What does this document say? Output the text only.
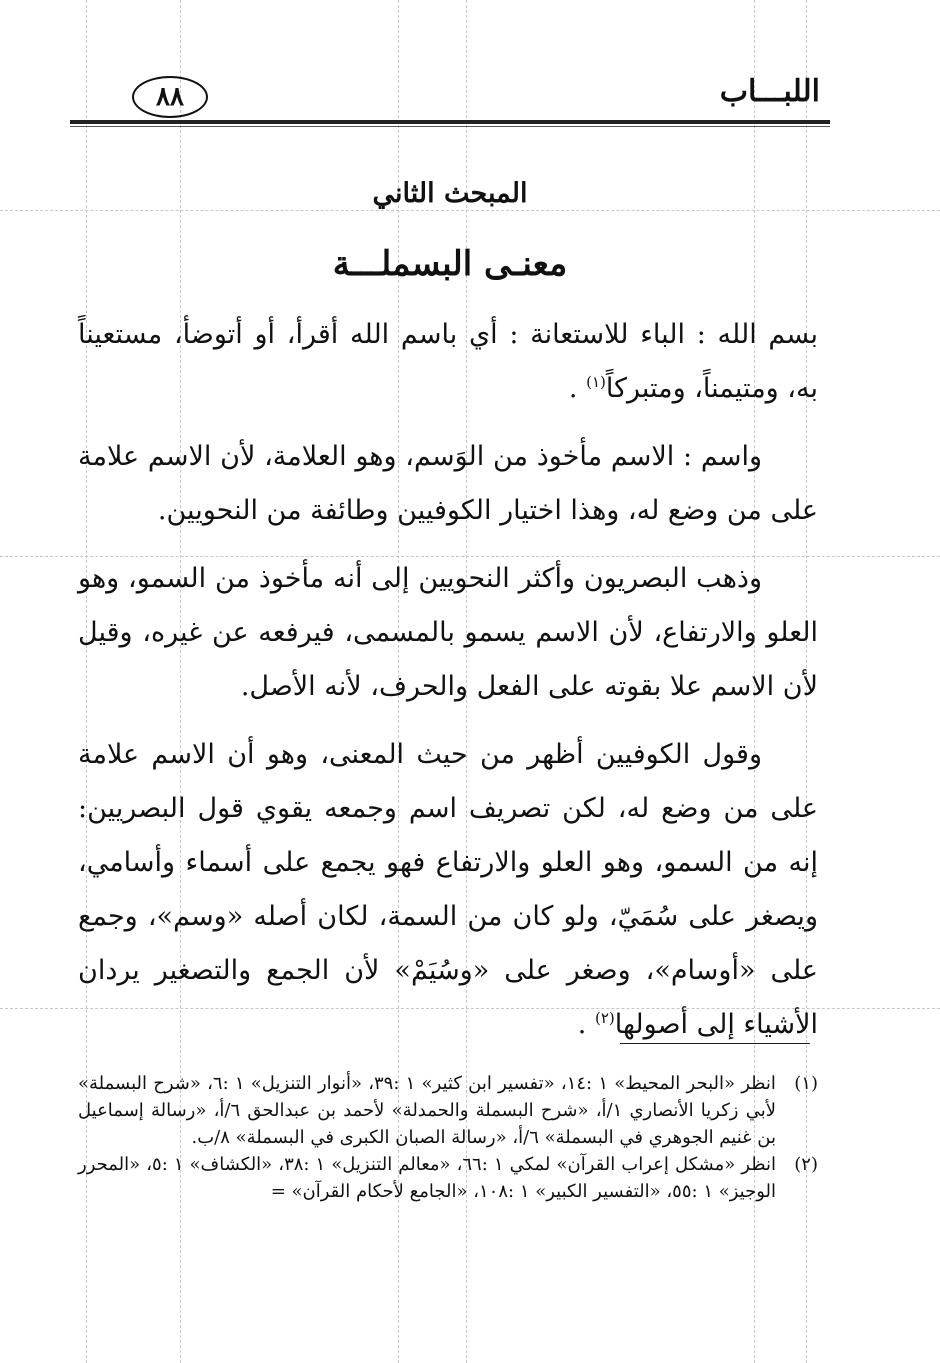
٨٨	اللبـــاب
المبحث الثاني
معنـى البسملـــة

بسم الله : الباء للاستعانة : أي باسم الله أقرأ، أو أتوضأ، مستعيناً به، ومتيمناً، ومتبركاً$^{(١)}$ .

واسم : الاسم مأخوذ من الوَسم، وهو العلامة، لأن الاسم علامة على من وضع له، وهذا اختيار الكوفيين وطائفة من النحويين.

وذهب البصريون وأكثر النحويين إلى أنه مأخوذ من السمو، وهو العلو والارتفاع، لأن الاسم يسمو بالمسمى، فيرفعه عن غيره، وقيل لأن الاسم علا بقوته على الفعل والحرف، لأنه الأصل.

وقول الكوفيين أظهر من حيث المعنى، وهو أن الاسم علامة على من وضع له، لكن تصريف اسم وجمعه يقوي قول البصريين: إنه من السمو، وهو العلو والارتفاع فهو يجمع على أسماء وأسامي، ويصغر على سُمَيّ، ولو كان من السمة، لكان أصله «وسم»، وجمع على «أوسام»، وصغر على «وسُيَمْ» لأن الجمع والتصغير يردان الأشياء إلى أصولها$^{(٢)}$ .

(١)
انظر «البحر المحيط» ١ :١٤، «تفسير ابن كثير» ١ :٣٩، «أنوار التنزيل» ١ :٦، «شرح البسملة» لأبي زكريا الأنصاري ١/أ، «شرح البسملة والحمدلة» لأحمد بن عبدالحق ٦/أ، «رسالة إسماعيل بن غنيم الجوهري في البسملة» ٦/أ، «رسالة الصبان الكبرى في البسملة» ٨/ب.
(٢)
انظر «مشكل إعراب القرآن» لمكي ١ :٦٦، «معالم التنزيل» ١ :٣٨، «الكشاف» ١ :٥، «المحرر الوجيز» ١ :٥٥، «التفسير الكبير» ١ :١٠٨، «الجامع لأحكام القرآن» =
